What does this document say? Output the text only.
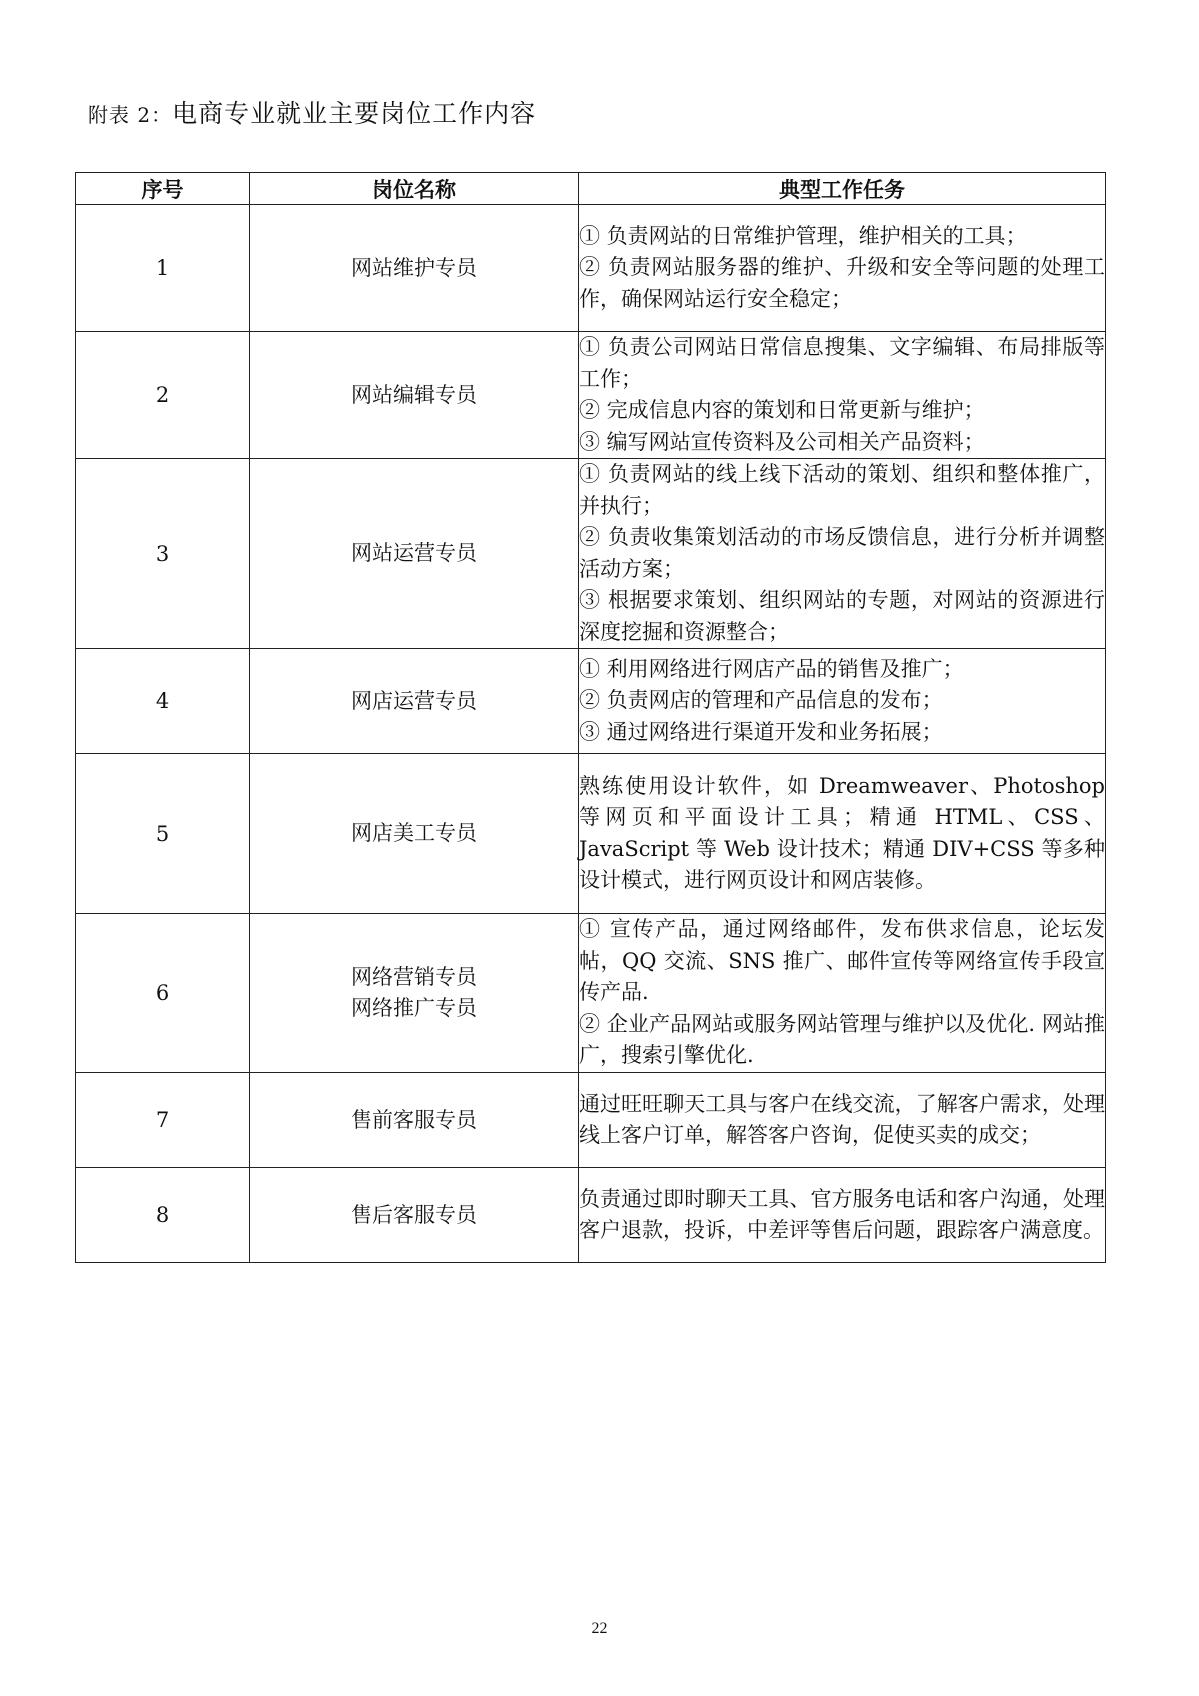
附表 2：电商专业就业主要岗位工作内容
序号	岗位名称	典型工作任务
1	网站维护专员	① 负责网站的日常维护管理，维护相关的工具；
② 负责网站服务器的维护、升级和安全等问题的处理工作，确保网站运行安全稳定；

2	网站编辑专员	① 负责公司网站日常信息搜集、文字编辑、布局排版等工作；
② 完成信息内容的策划和日常更新与维护；
③ 编写网站宣传资料及公司相关产品资料；

3	网站运营专员	① 负责网站的线上线下活动的策划、组织和整体推广，并执行；
② 负责收集策划活动的市场反馈信息，进行分析并调整活动方案；
③ 根据要求策划、组织网站的专题，对网站的资源进行深度挖掘和资源整合；

4	网店运营专员	① 利用网络进行网店产品的销售及推广；
② 负责网店的管理和产品信息的发布；
③ 通过网络进行渠道开发和业务拓展；

5	网店美工专员	熟练使用设计软件，如 Dreamweaver、Photoshop 等网页和平面设计工具；精通 HTML、CSS、JavaScript 等 Web 设计技术；精通 DIV+CSS 等多种设计模式，进行网页设计和网店装修。

6	网络营销专员
网络推广专员	① 宣传产品，通过网络邮件，发布供求信息，论坛发帖，QQ 交流、SNS 推广、邮件宣传等网络宣传手段宣传产品.
② 企业产品网站或服务网站管理与维护以及优化. 网站推广，搜索引擎优化.

7	售前客服专员	通过旺旺聊天工具与客户在线交流，了解客户需求，处理线上客户订单，解答客户咨询，促使买卖的成交；

8	售后客服专员	负责通过即时聊天工具、官方服务电话和客户沟通，处理客户退款，投诉，中差评等售后问题，跟踪客户满意度。
22
